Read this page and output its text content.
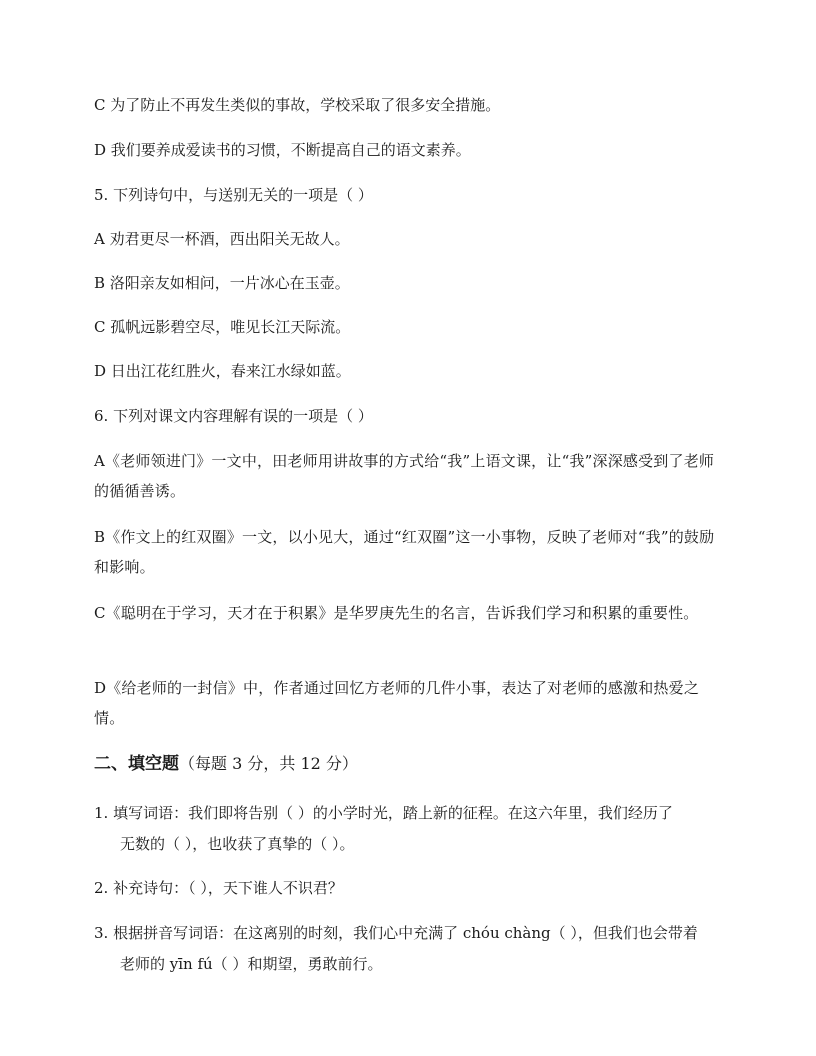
C 为了防止不再发生类似的事故，学校采取了很多安全措施。
D 我们要养成爱读书的习惯，不断提高自己的语文素养。
5. 下列诗句中，与送别无关的一项是（ ）
A 劝君更尽一杯酒，西出阳关无故人。
B 洛阳亲友如相问，一片冰心在玉壶。
C 孤帆远影碧空尽，唯见长江天际流。
D 日出江花红胜火，春来江水绿如蓝。
6. 下列对课文内容理解有误的一项是（ ）
A《老师领进门》一文中，田老师用讲故事的方式给“我”上语文课，让“我”深深感受到了老师的循循善诱。
B《作文上的红双圈》一文，以小见大，通过“红双圈”这一小事物，反映了老师对“我”的鼓励和影响。
C《聪明在于学习，天才在于积累》是华罗庚先生的名言，告诉我们学习和积累的重要性。
D《给老师的一封信》中，作者通过回忆方老师的几件小事，表达了对老师的感激和热爱之情。
二、填空题（每题 3 分，共 12 分）
1. 填写词语：我们即将告别（ ）的小学时光，踏上新的征程。在这六年里，我们经历了
无数的（ ），也收获了真挚的（ ）。
2. 补充诗句：（ ），天下谁人不识君？
3. 根据拼音写词语：在这离别的时刻，我们心中充满了 chóu chàng（ ），但我们也会带着
老师的 yīn fú（ ）和期望，勇敢前行。
